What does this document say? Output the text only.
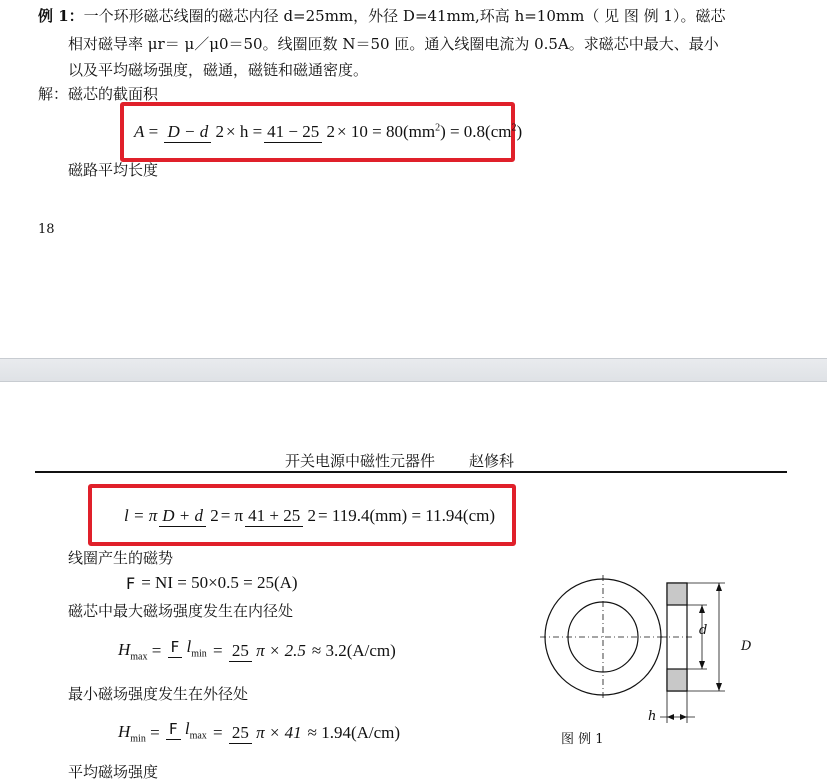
例 1：一个环形磁芯线圈的磁芯内径 d=25mm，外径 D=41mm,环高 h=10mm（ 见 图 例 1）。磁芯
相对磁导率 μr＝ μ／μ0＝50。线圈匝数 N＝50 匝。通入线圈电流为 0.5A。求磁芯中最大、最小
以及平均磁场强度，磁通，磁链和磁通密度。
解：磁芯的截面积
A = D − d 2 × h = 41 − 25 $2 \times 10 = 80(mm^2) = 0.8(cm^2)$
磁路平均长度
18
开关电源中磁性元器件 赵修科
l = π D + d 2 = π 41 + 25 2 = 119.4(mm) = 11.94(cm)
线圈产生的磁势
F = NI = 50×0.5 = 25(A)
磁芯中最大磁场强度发生在内径处
$H_{max} = F$ $l_{min} = 25$ π × 2.5 ≈ 3.2(A/cm)
最小磁场强度发生在外径处
$H_{min} = F$ $l_{max} = 25$ π × 41 ≈ 1.94(A/cm)
平均磁场强度
d
D
h
图 例 1
